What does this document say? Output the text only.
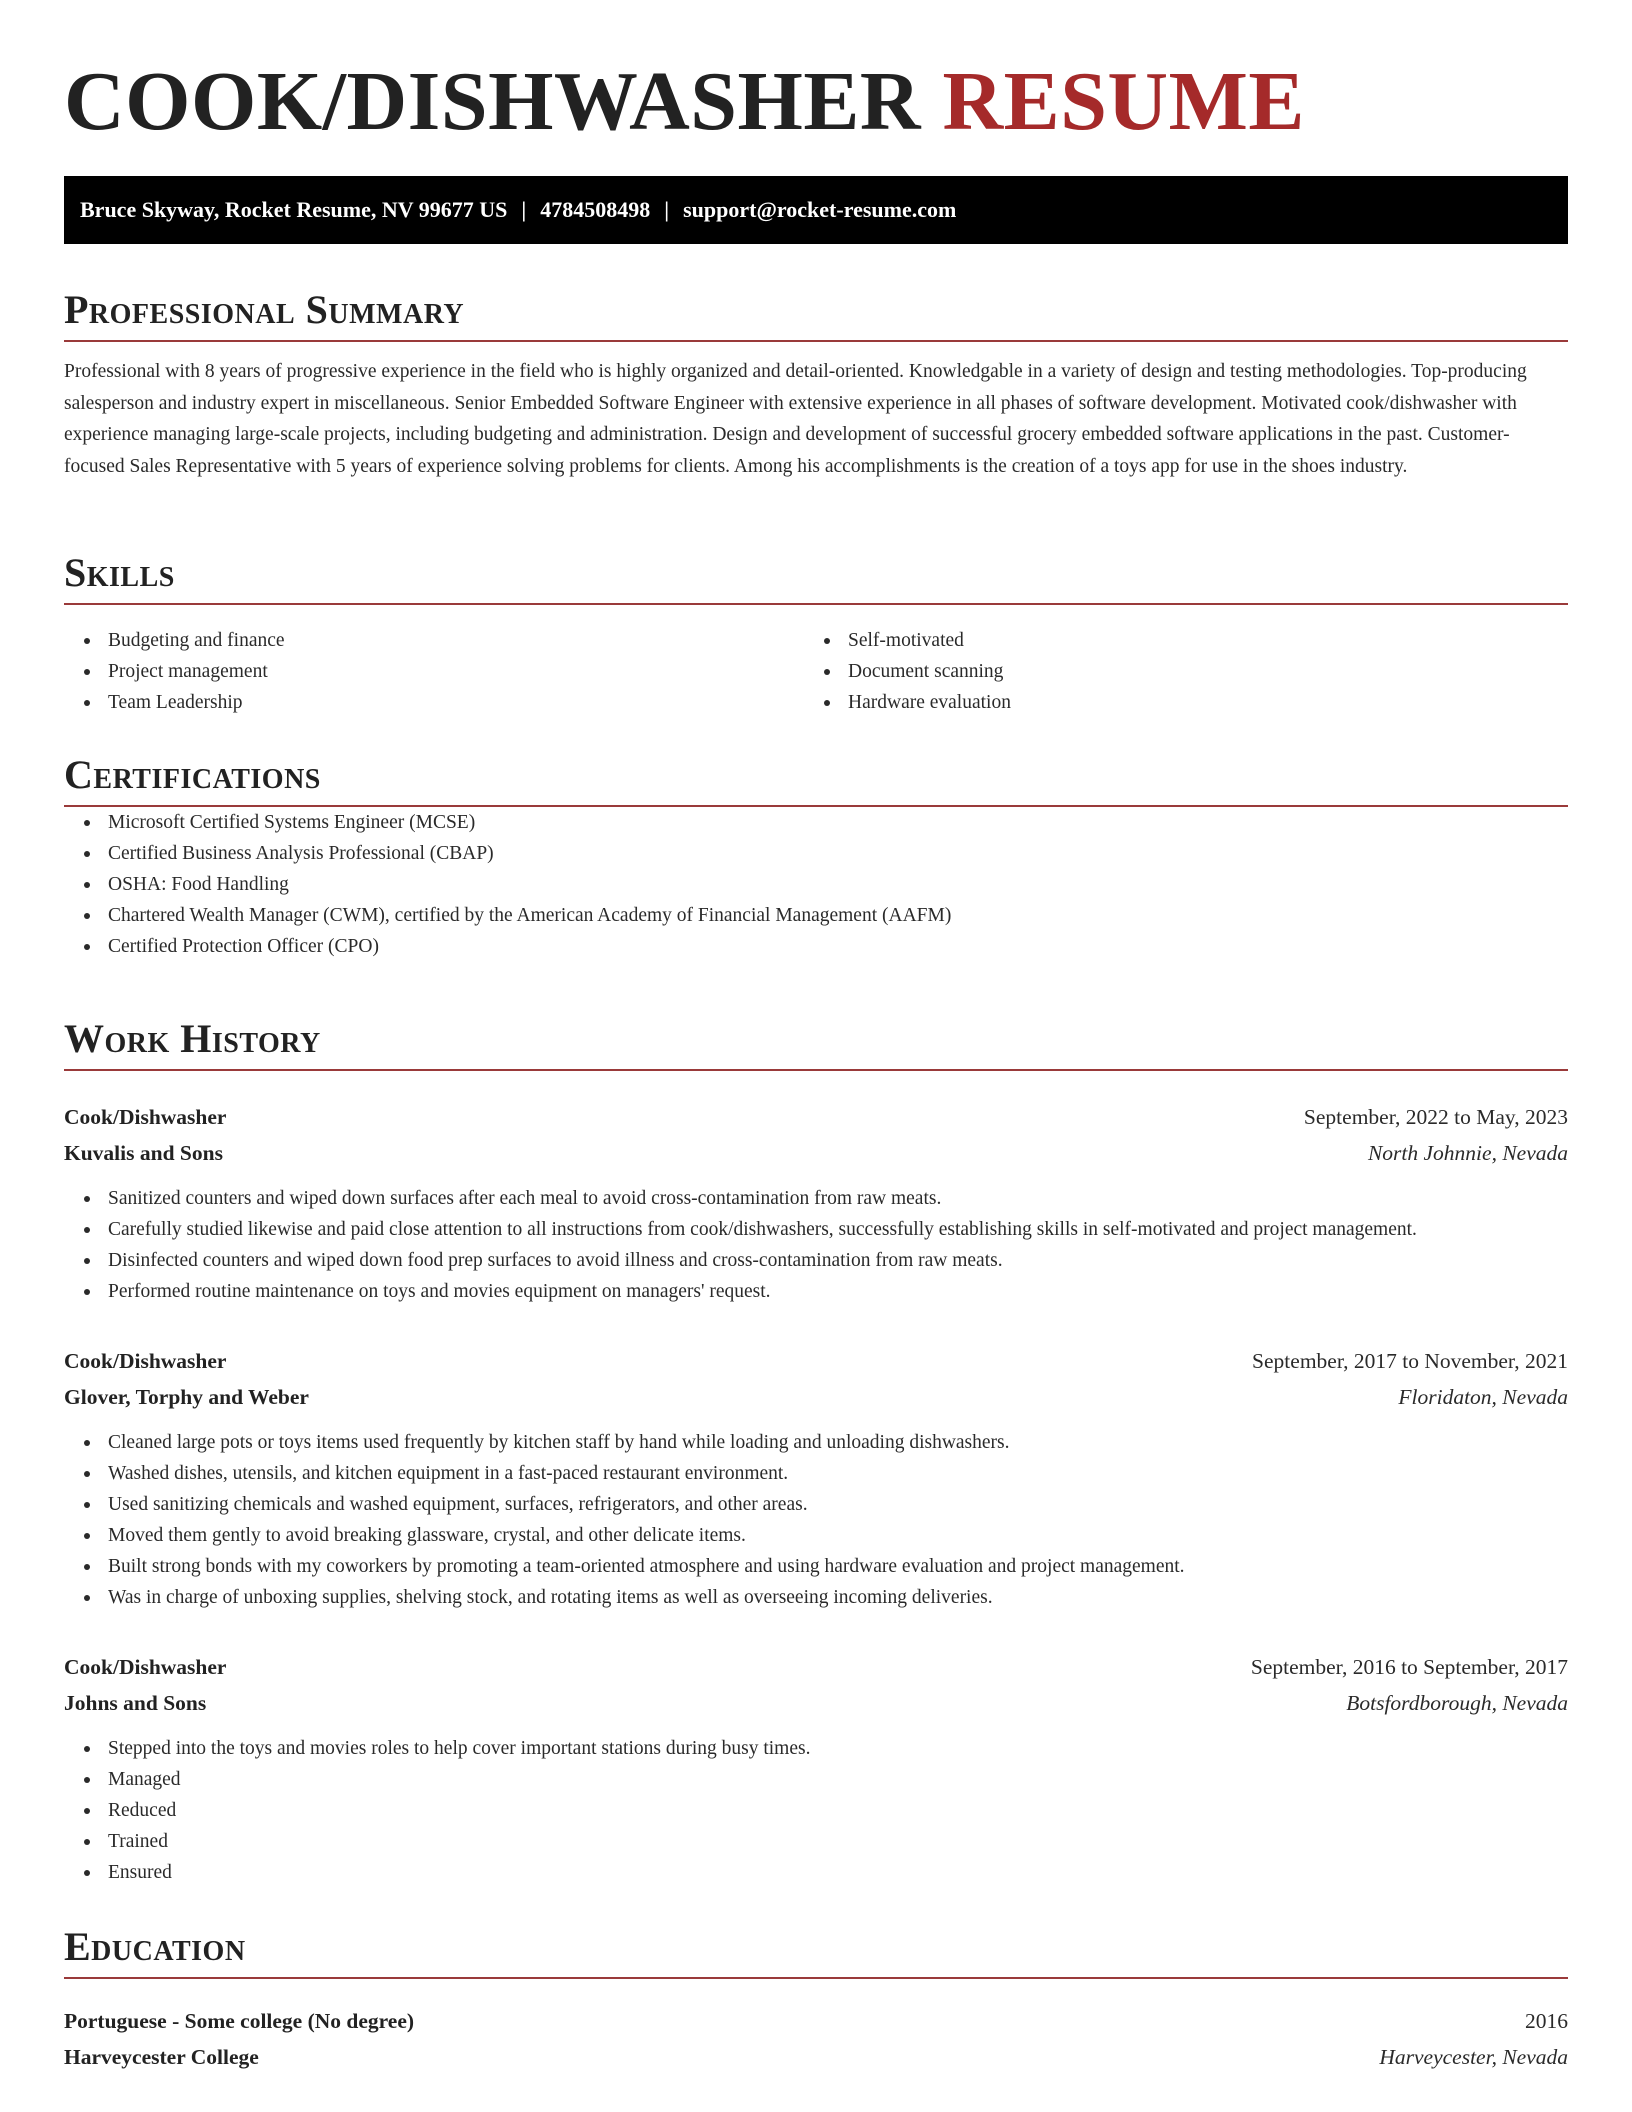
COOK/DISHWASHER RESUME
Bruce Skyway, Rocket Resume, NV 99677 US | 4784508498 | support@rocket-resume.com
Professional Summary
Professional with 8 years of progressive experience in the field who is highly organized and detail-oriented. Knowledgable in a variety of design and testing methodologies. Top-producing salesperson and industry expert in miscellaneous. Senior Embedded Software Engineer with extensive experience in all phases of software development. Motivated cook/dishwasher with experience managing large-scale projects, including budgeting and administration. Design and development of successful grocery embedded software applications in the past. Customer-focused Sales Representative with 5 years of experience solving problems for clients. Among his accomplishments is the creation of a toys app for use in the shoes industry.
Skills
Budgeting and finance
Project management
Team Leadership
Self-motivated
Document scanning
Hardware evaluation
Certifications
Microsoft Certified Systems Engineer (MCSE)
Certified Business Analysis Professional (CBAP)
OSHA: Food Handling
Chartered Wealth Manager (CWM), certified by the American Academy of Financial Management (AAFM)
Certified Protection Officer (CPO)
Work History
Cook/Dishwasher	September, 2022 to May, 2023
Kuvalis and Sons	North Johnnie, Nevada
Sanitized counters and wiped down surfaces after each meal to avoid cross-contamination from raw meats.
Carefully studied likewise and paid close attention to all instructions from cook/dishwashers, successfully establishing skills in self-motivated and project management.
Disinfected counters and wiped down food prep surfaces to avoid illness and cross-contamination from raw meats.
Performed routine maintenance on toys and movies equipment on managers' request.
Cook/Dishwasher	September, 2017 to November, 2021
Glover, Torphy and Weber	Floridaton, Nevada
Cleaned large pots or toys items used frequently by kitchen staff by hand while loading and unloading dishwashers.
Washed dishes, utensils, and kitchen equipment in a fast-paced restaurant environment.
Used sanitizing chemicals and washed equipment, surfaces, refrigerators, and other areas.
Moved them gently to avoid breaking glassware, crystal, and other delicate items.
Built strong bonds with my coworkers by promoting a team-oriented atmosphere and using hardware evaluation and project management.
Was in charge of unboxing supplies, shelving stock, and rotating items as well as overseeing incoming deliveries.
Cook/Dishwasher	September, 2016 to September, 2017
Johns and Sons	Botsfordborough, Nevada
Stepped into the toys and movies roles to help cover important stations during busy times.
Managed
Reduced
Trained
Ensured
Education
Portuguese - Some college (No degree)	2016
Harveycester College	Harveycester, Nevada
